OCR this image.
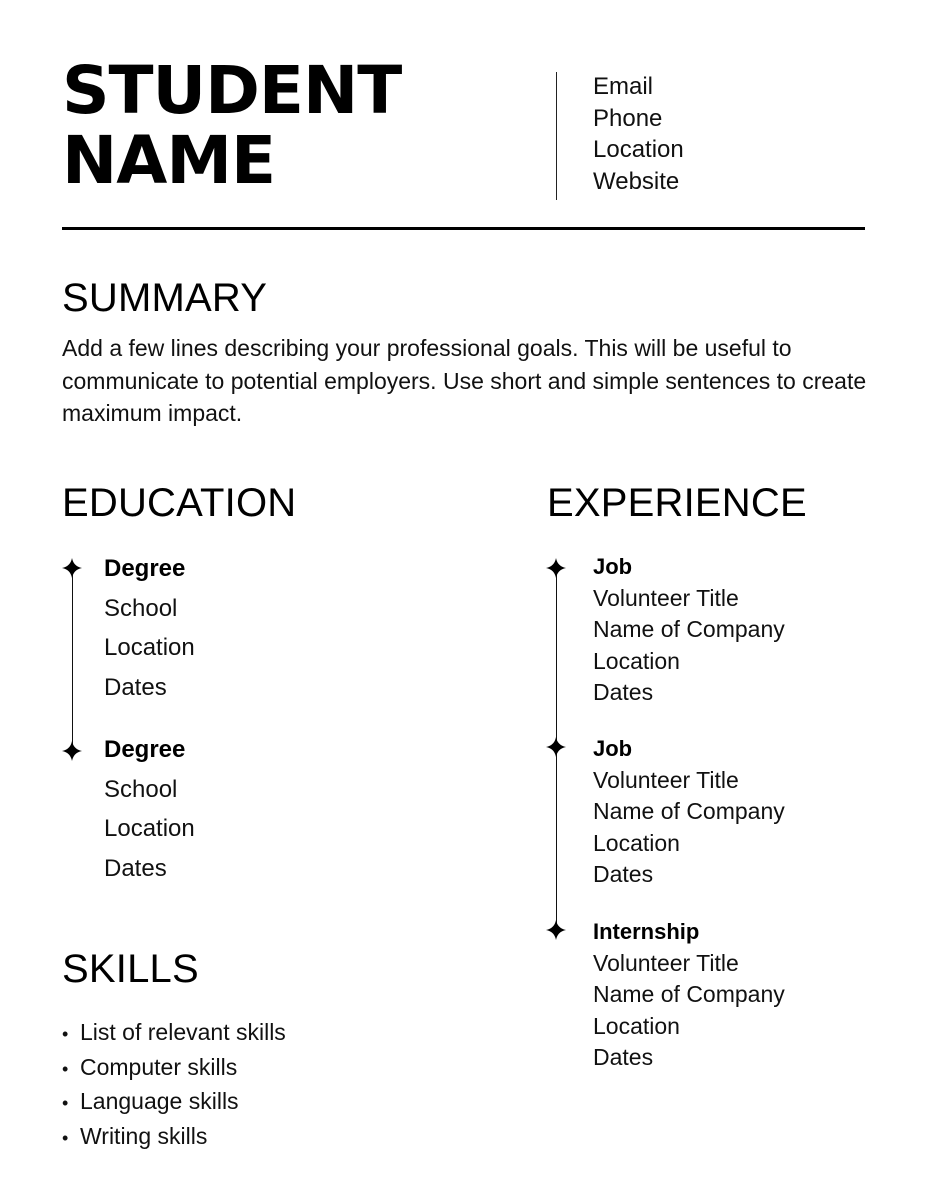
STUDENT
NAME
Email
Phone
Location
Website
SUMMARY
Add a few lines describing your professional goals. This will be useful to communicate to potential employers. Use short and simple sentences to create maximum impact.
EDUCATION
Degree
School
Location
Dates
Degree
School
Location
Dates
EXPERIENCE
Job
Volunteer Title
Name of Company
Location
Dates
Job
Volunteer Title
Name of Company
Location
Dates
Internship
Volunteer Title
Name of Company
Location
Dates
SKILLS
• List of relevant skills
• Computer skills
• Language skills
• Writing skills
